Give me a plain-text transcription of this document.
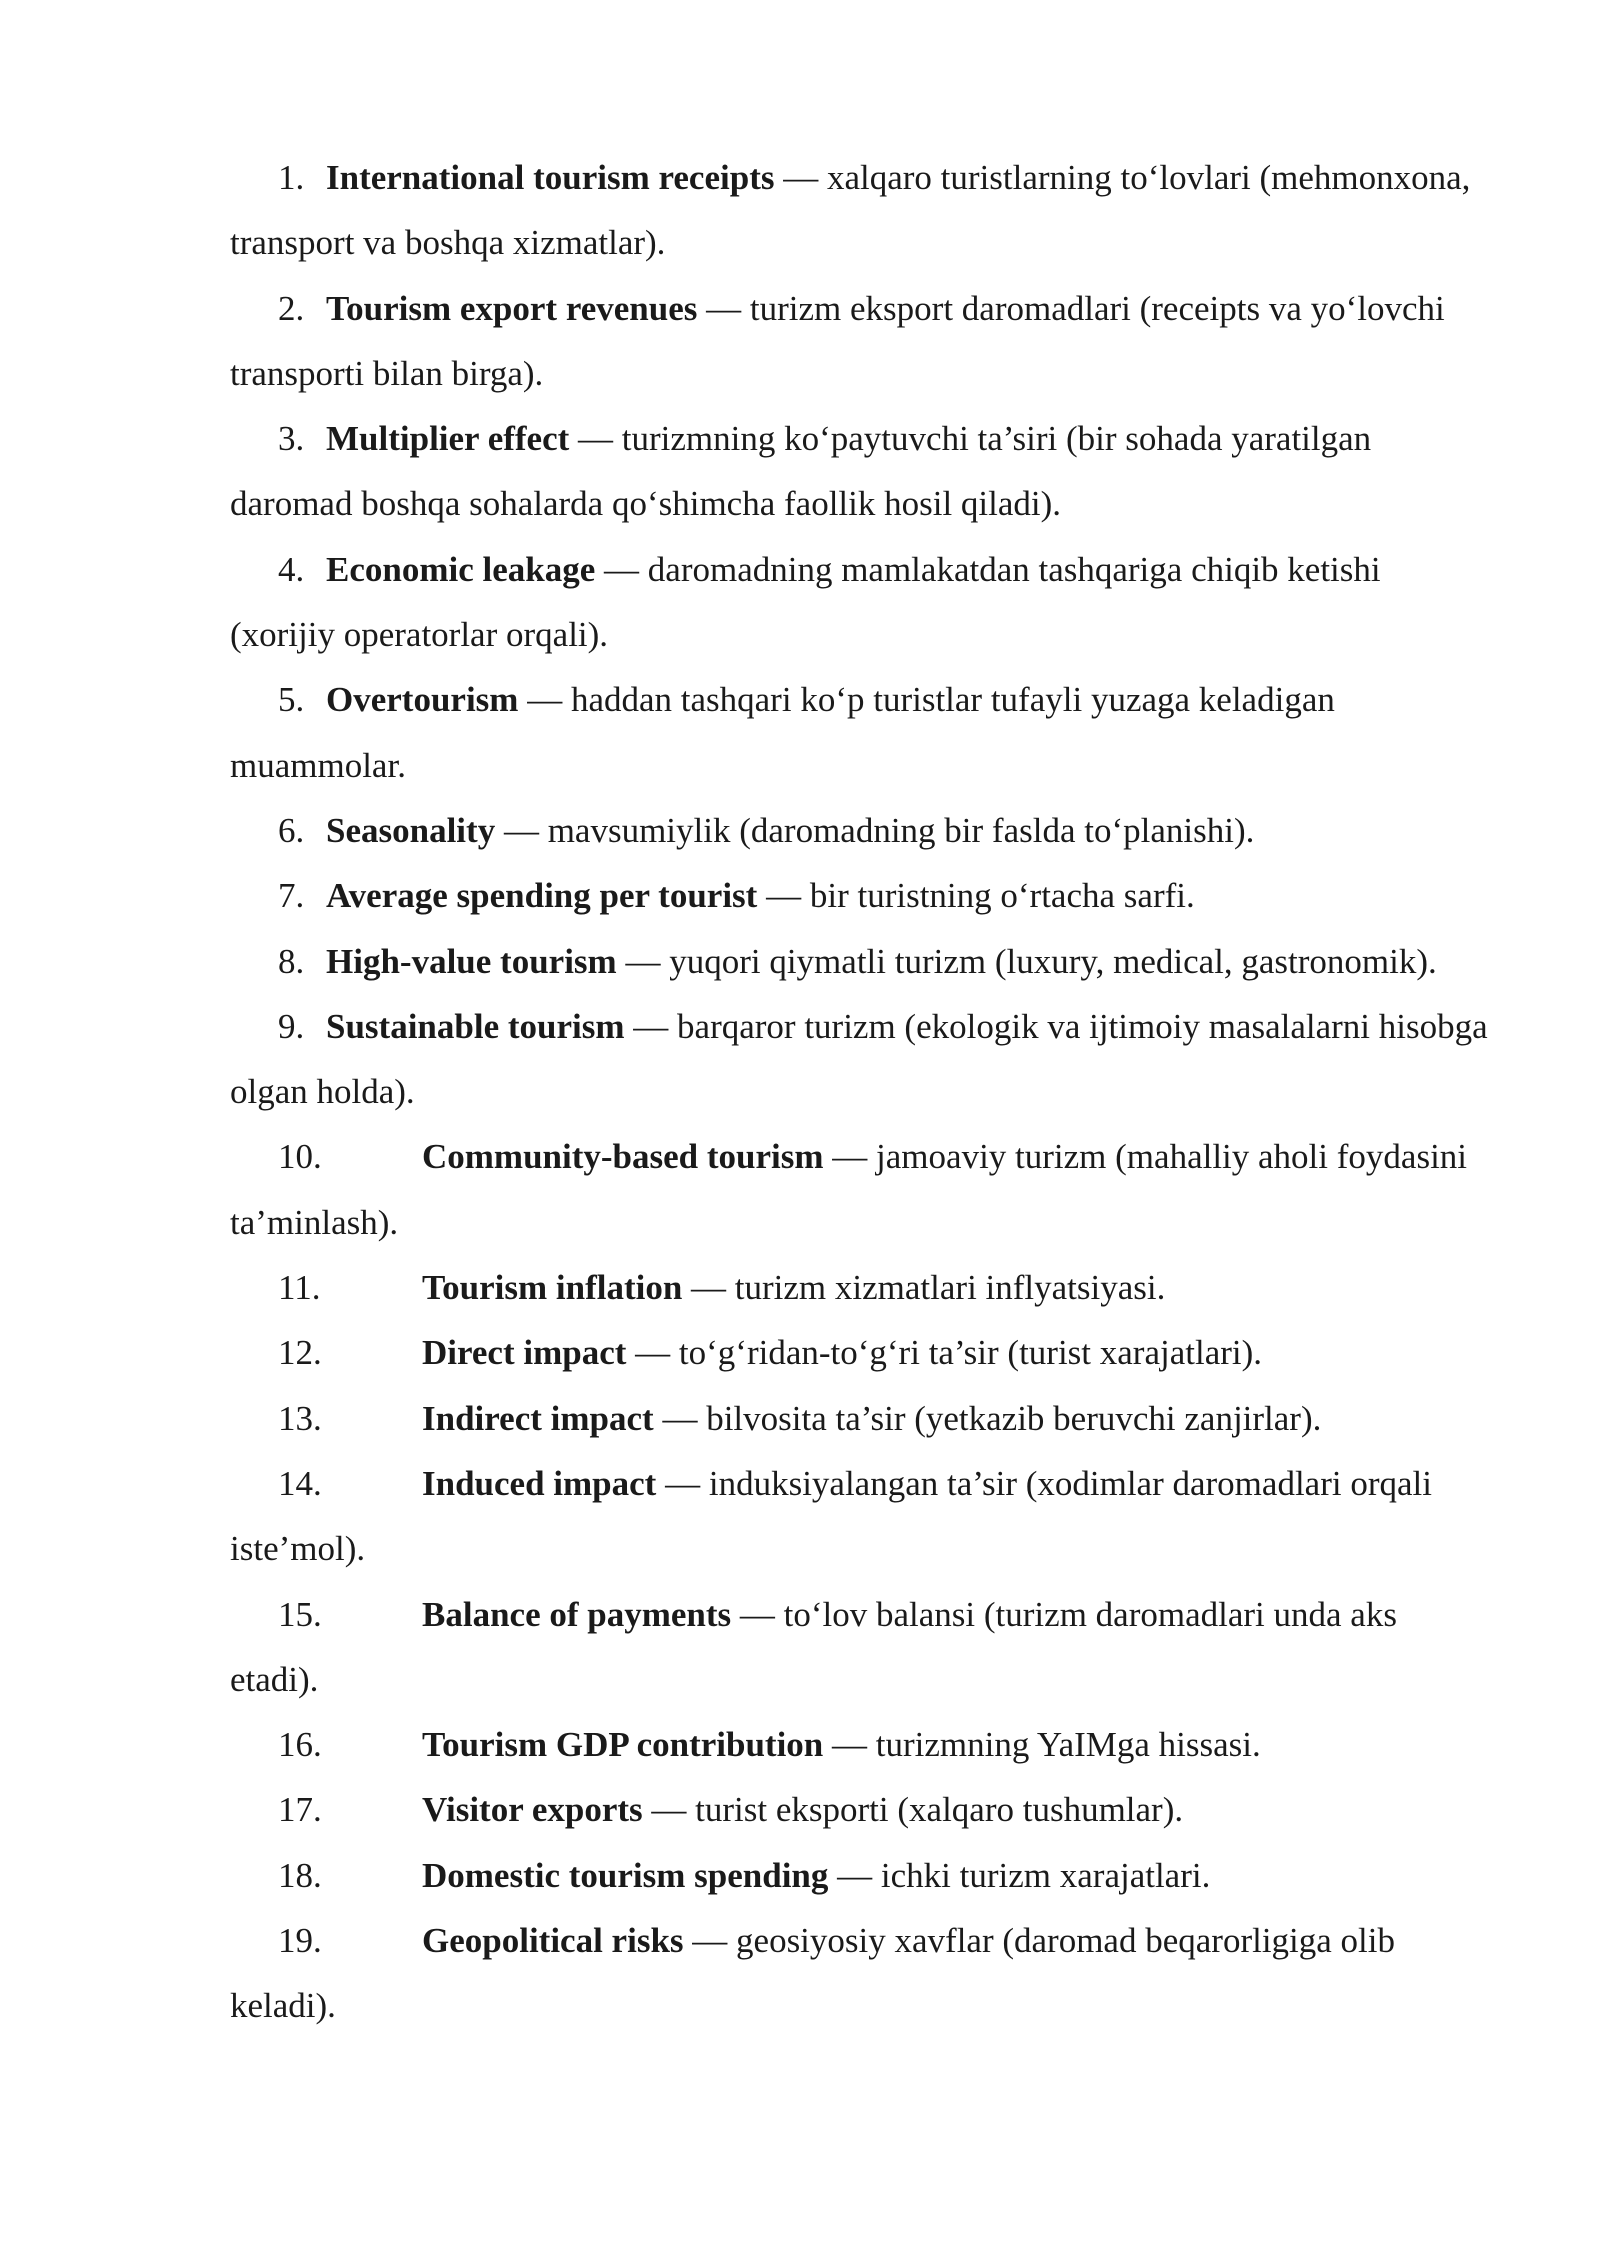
1. International tourism receipts — xalqaro turistlarning to‘lovlari (mehmonxona, transport va boshqa xizmatlar).

2. Tourism export revenues — turizm eksport daromadlari (receipts va yo‘lovchi transporti bilan birga).

3. Multiplier effect — turizmning ko‘paytuvchi ta’siri (bir sohada yaratilgan daromad boshqa sohalarda qo‘shimcha faollik hosil qiladi).

4. Economic leakage — daromadning mamlakatdan tashqariga chiqib ketishi (xorijiy operatorlar orqali).

5. Overtourism — haddan tashqari ko‘p turistlar tufayli yuzaga keladigan muammolar.

6. Seasonality — mavsumiylik (daromadning bir faslda to‘planishi).

7. Average spending per tourist — bir turistning o‘rtacha sarfi.

8. High-value tourism — yuqori qiymatli turizm (luxury, medical, gastronomik).

9. Sustainable tourism — barqaror turizm (ekologik va ijtimoiy masalalarni hisobga olgan holda).

10.	Community-based tourism — jamoaviy turizm (mahalliy aholi foydasini ta’minlash).

11.	Tourism inflation — turizm xizmatlari inflyatsiyasi.

12.	Direct impact — to‘g‘ridan-to‘g‘ri ta’sir (turist xarajatlari).

13.	Indirect impact — bilvosita ta’sir (yetkazib beruvchi zanjirlar).

14.	Induced impact — induksiyalangan ta’sir (xodimlar daromadlari orqali iste’mol).

15.	Balance of payments — to‘lov balansi (turizm daromadlari unda aks etadi).

16.	Tourism GDP contribution — turizmning YaIMga hissasi.

17.	Visitor exports — turist eksporti (xalqaro tushumlar).

18.	Domestic tourism spending — ichki turizm xarajatlari.

19.	Geopolitical risks — geosiyosiy xavflar (daromad beqarorligiga olib keladi).
